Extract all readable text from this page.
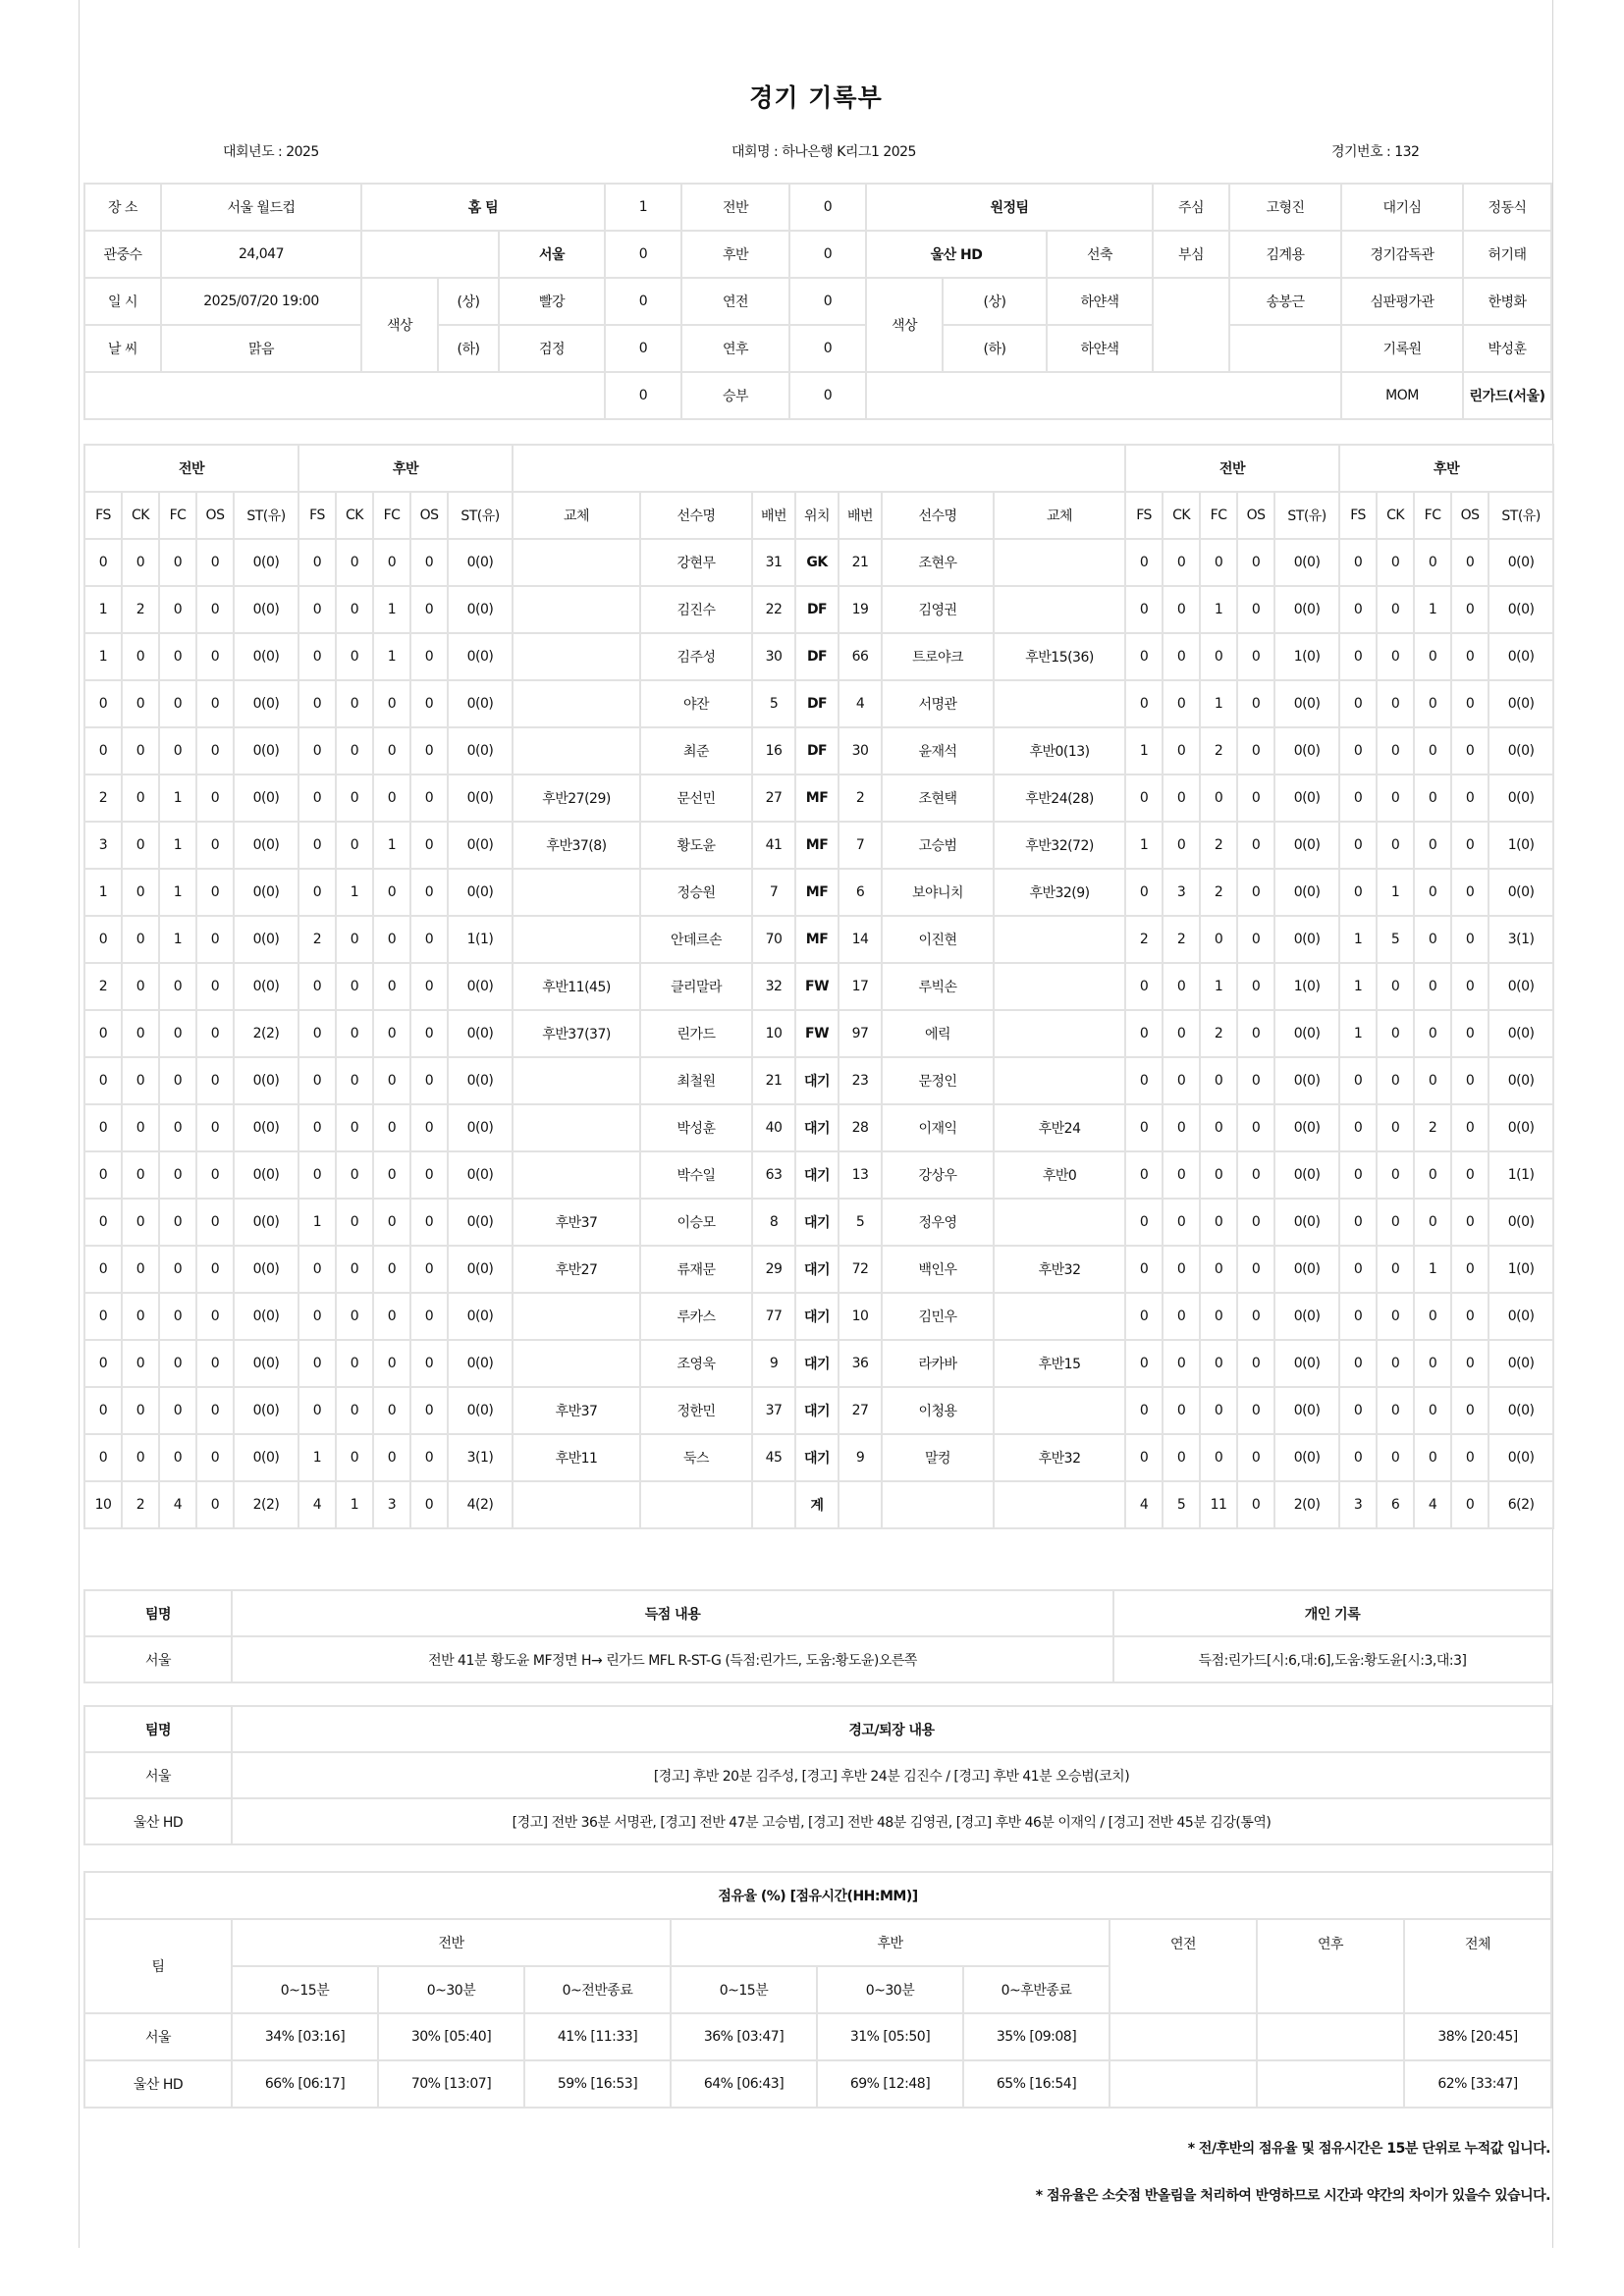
경기 기록부
대회년도 : 2025	대회명 : 하나은행 K리그1 2025	경기번호 : 132
장 소	서울 월드컵	홈 팀			1	전반	0	원정팀			주심	고형진	대기심	정동식
관중수	24,047			서울	0	후반	0	울산 HD		선축	부심	김계용	경기감독관	허기태
일 시	2025/07/20 19:00	색상	(상)	빨강	0	연전	0	색상	(상)	하얀색		송봉근	심판평가관	한병화
날 씨	맑음		(하)	검정	0	연후	0		(하)	하얀색			기록원	박성훈
					0	승부	0						MOM	린가드(서울)
전반					후반												전반					후반				
FS	CK	FC	OS	ST(유)	FS	CK	FC	OS	ST(유)	교체	선수명	배번	위치	배번	선수명	교체	FS	CK	FC	OS	ST(유)	FS	CK	FC	OS	ST(유)
0	0	0	0	0(0)	0	0	0	0	0(0)		강현무	31	GK	21	조현우		0	0	0	0	0(0)	0	0	0	0	0(0)
1	2	0	0	0(0)	0	0	1	0	0(0)		김진수	22	DF	19	김영권		0	0	1	0	0(0)	0	0	1	0	0(0)
1	0	0	0	0(0)	0	0	1	0	0(0)		김주성	30	DF	66	트로야크	후반15(36)	0	0	0	0	1(0)	0	0	0	0	0(0)
0	0	0	0	0(0)	0	0	0	0	0(0)		야잔	5	DF	4	서명관		0	0	1	0	0(0)	0	0	0	0	0(0)
0	0	0	0	0(0)	0	0	0	0	0(0)		최준	16	DF	30	윤재석	후반0(13)	1	0	2	0	0(0)	0	0	0	0	0(0)
2	0	1	0	0(0)	0	0	0	0	0(0)	후반27(29)	문선민	27	MF	2	조현택	후반24(28)	0	0	0	0	0(0)	0	0	0	0	0(0)
3	0	1	0	0(0)	0	0	1	0	0(0)	후반37(8)	황도윤	41	MF	7	고승범	후반32(72)	1	0	2	0	0(0)	0	0	0	0	1(0)
1	0	1	0	0(0)	0	1	0	0	0(0)		정승원	7	MF	6	보야니치	후반32(9)	0	3	2	0	0(0)	0	1	0	0	0(0)
0	0	1	0	0(0)	2	0	0	0	1(1)		안데르손	70	MF	14	이진현		2	2	0	0	0(0)	1	5	0	0	3(1)
2	0	0	0	0(0)	0	0	0	0	0(0)	후반11(45)	클리말라	32	FW	17	루빅손		0	0	1	0	1(0)	1	0	0	0	0(0)
0	0	0	0	2(2)	0	0	0	0	0(0)	후반37(37)	린가드	10	FW	97	에릭		0	0	2	0	0(0)	1	0	0	0	0(0)
0	0	0	0	0(0)	0	0	0	0	0(0)		최철원	21	대기	23	문정인		0	0	0	0	0(0)	0	0	0	0	0(0)
0	0	0	0	0(0)	0	0	0	0	0(0)		박성훈	40	대기	28	이재익	후반24	0	0	0	0	0(0)	0	0	2	0	0(0)
0	0	0	0	0(0)	0	0	0	0	0(0)		박수일	63	대기	13	강상우	후반0	0	0	0	0	0(0)	0	0	0	0	1(1)
0	0	0	0	0(0)	1	0	0	0	0(0)	후반37	이승모	8	대기	5	정우영		0	0	0	0	0(0)	0	0	0	0	0(0)
0	0	0	0	0(0)	0	0	0	0	0(0)	후반27	류재문	29	대기	72	백인우	후반32	0	0	0	0	0(0)	0	0	1	0	1(0)
0	0	0	0	0(0)	0	0	0	0	0(0)		루카스	77	대기	10	김민우		0	0	0	0	0(0)	0	0	0	0	0(0)
0	0	0	0	0(0)	0	0	0	0	0(0)		조영욱	9	대기	36	라카바	후반15	0	0	0	0	0(0)	0	0	0	0	0(0)
0	0	0	0	0(0)	0	0	0	0	0(0)	후반37	정한민	37	대기	27	이청용		0	0	0	0	0(0)	0	0	0	0	0(0)
0	0	0	0	0(0)	1	0	0	0	3(1)	후반11	둑스	45	대기	9	말컹	후반32	0	0	0	0	0(0)	0	0	0	0	0(0)
10	2	4	0	2(2)	4	1	3	0	4(2)				계				4	5	11	0	2(0)	3	6	4	0	6(2)
팀명	득점 내용	개인 기록
서울	전반 41분 황도윤 MF정면 H→ 린가드 MFL R-ST-G (득점:린가드, 도움:황도윤)오른쪽	득점:린가드[시:6,대:6],도움:황도윤[시:3,대:3]
팀명	경고/퇴장 내용
서울	[경고] 후반 20분 김주성, [경고] 후반 24분 김진수 / [경고] 후반 41분 오승범(코치)
울산 HD	[경고] 전반 36분 서명관, [경고] 전반 47분 고승범, [경고] 전반 48분 김영권, [경고] 후반 46분 이재익 / [경고] 전반 45분 김강(통역)
점유율 (%) [점유시간(HH:MM)]									
팀	전반			후반			연전	연후	전체
	0~15분	0~30분	0~전반종료	0~15분	0~30분	0~후반종료			
서울	34% [03:16]	30% [05:40]	41% [11:33]	36% [03:47]	31% [05:50]	35% [09:08]			38% [20:45]
울산 HD	66% [06:17]	70% [13:07]	59% [16:53]	64% [06:43]	69% [12:48]	65% [16:54]			62% [33:47]
* 전/후반의 점유율 및 점유시간은 15분 단위로 누적값 입니다.
* 점유율은 소숫점 반올림을 처리하여 반영하므로 시간과 약간의 차이가 있을수 있습니다.
